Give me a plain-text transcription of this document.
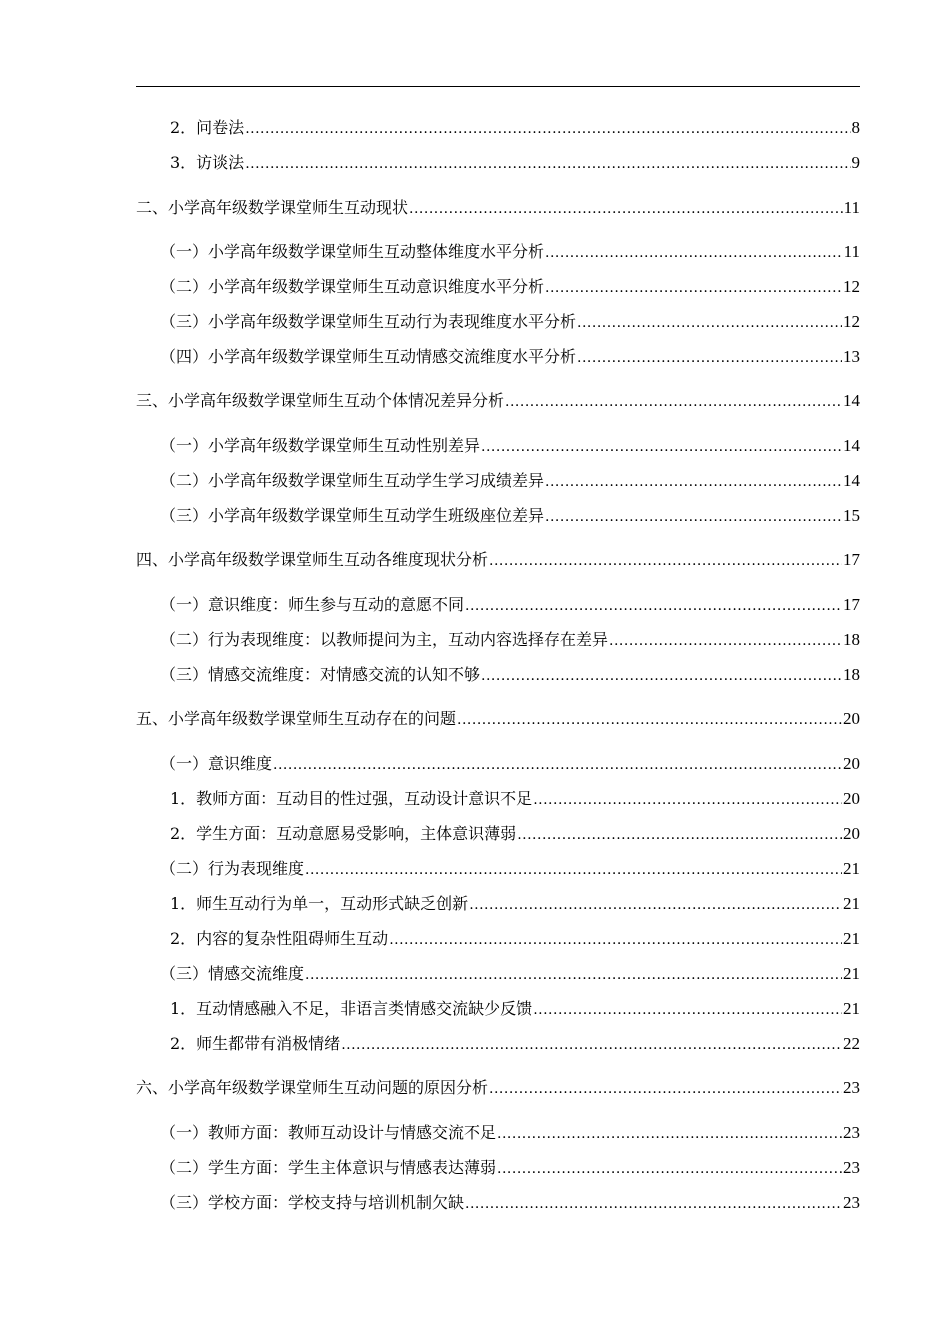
2．问卷法 .....	8
3．访谈法 .....	9
二、小学高年级数学课堂师生互动现状 .....	11
（一）小学高年级数学课堂师生互动整体维度水平分析 .....	11
（二）小学高年级数学课堂师生互动意识维度水平分析 .....	12
（三）小学高年级数学课堂师生互动行为表现维度水平分析 .....	12
（四）小学高年级数学课堂师生互动情感交流维度水平分析 .....	13
三、小学高年级数学课堂师生互动个体情况差异分析 .....	14
（一）小学高年级数学课堂师生互动性别差异 .....	14
（二）小学高年级数学课堂师生互动学生学习成绩差异 .....	14
（三）小学高年级数学课堂师生互动学生班级座位差异 .....	15
四、小学高年级数学课堂师生互动各维度现状分析 .....	17
（一）意识维度：师生参与互动的意愿不同 .....	17
（二）行为表现维度：以教师提问为主，互动内容选择存在差异 .....	18
（三）情感交流维度：对情感交流的认知不够 .....	18
五、小学高年级数学课堂师生互动存在的问题 .....	20
（一）意识维度 .....	20
1．教师方面：互动目的性过强，互动设计意识不足 .....	20
2．学生方面：互动意愿易受影响，主体意识薄弱 .....	20
（二）行为表现维度 .....	21
1．师生互动行为单一，互动形式缺乏创新 .....	21
2．内容的复杂性阻碍师生互动 .....	21
（三）情感交流维度 .....	21
1．互动情感融入不足，非语言类情感交流缺少反馈 .....	21
2．师生都带有消极情绪 .....	22
六、小学高年级数学课堂师生互动问题的原因分析 .....	23
（一）教师方面：教师互动设计与情感交流不足 .....	23
（二）学生方面：学生主体意识与情感表达薄弱 .....	23
（三）学校方面：学校支持与培训机制欠缺 .....	23
